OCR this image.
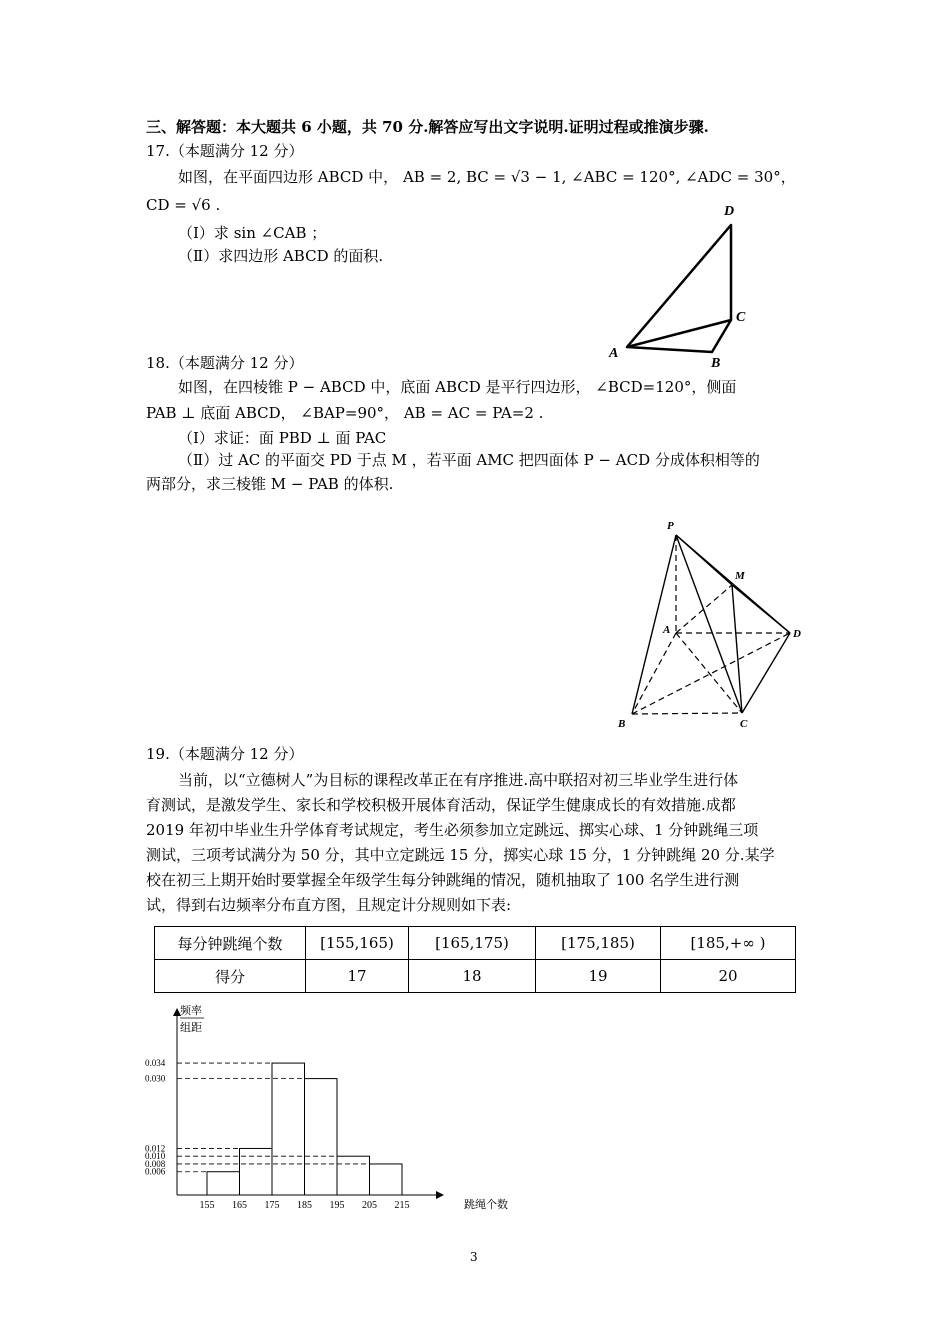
三、解答题：本大题共 6 小题，共 70 分.解答应写出文字说明.证明过程或推演步骤.
17.（本题满分 12 分）
如图，在平面四边形 ABCD 中， AB = 2, BC = √3 − 1, ∠ABC = 120°, ∠ADC = 30°，
CD = √6 .
（Ⅰ）求 sin ∠CAB ；
（Ⅱ）求四边形 ABCD 的面积.
D
C
A
B
18.（本题满分 12 分）
如图，在四棱锥 P − ABCD 中，底面 ABCD 是平行四边形， ∠BCD=120°，侧面
PAB ⊥ 底面 ABCD， ∠BAP=90°， AB = AC = PA=2 .
（Ⅰ）求证：面 PBD ⊥ 面 PAC
（Ⅱ）过 AC 的平面交 PD 于点 M ，若平面 AMC 把四面体 P − ACD 分成体积相等的
两部分，求三棱锥 M − PAB 的体积.
P
M
A	D
B	C
19.（本题满分 12 分）
当前，以“立德树人”为目标的课程改革正在有序推进.高中联招对初三毕业学生进行体
育测试，是激发学生、家长和学校积极开展体育活动，保证学生健康成长的有效措施.成都
2019 年初中毕业生升学体育考试规定，考生必须参加立定跳远、掷实心球、1 分钟跳绳三项
测试，三项考试满分为 50 分，其中立定跳远 15 分，掷实心球 15 分，1 分钟跳绳 20 分.某学
校在初三上期开始时要掌握全年级学生每分钟跳绳的情况，随机抽取了 100 名学生进行测
试，得到右边频率分布直方图，且规定计分规则如下表:
每分钟跳绳个数	[155,165)	[165,175)	[175,185)	[185,+∞ )
得分	17	18	19	20
0.034
0.030
0.012
0.010
0.008
0.006
155 165 175 185 195 205 215
频率
组距
跳绳个数
3
